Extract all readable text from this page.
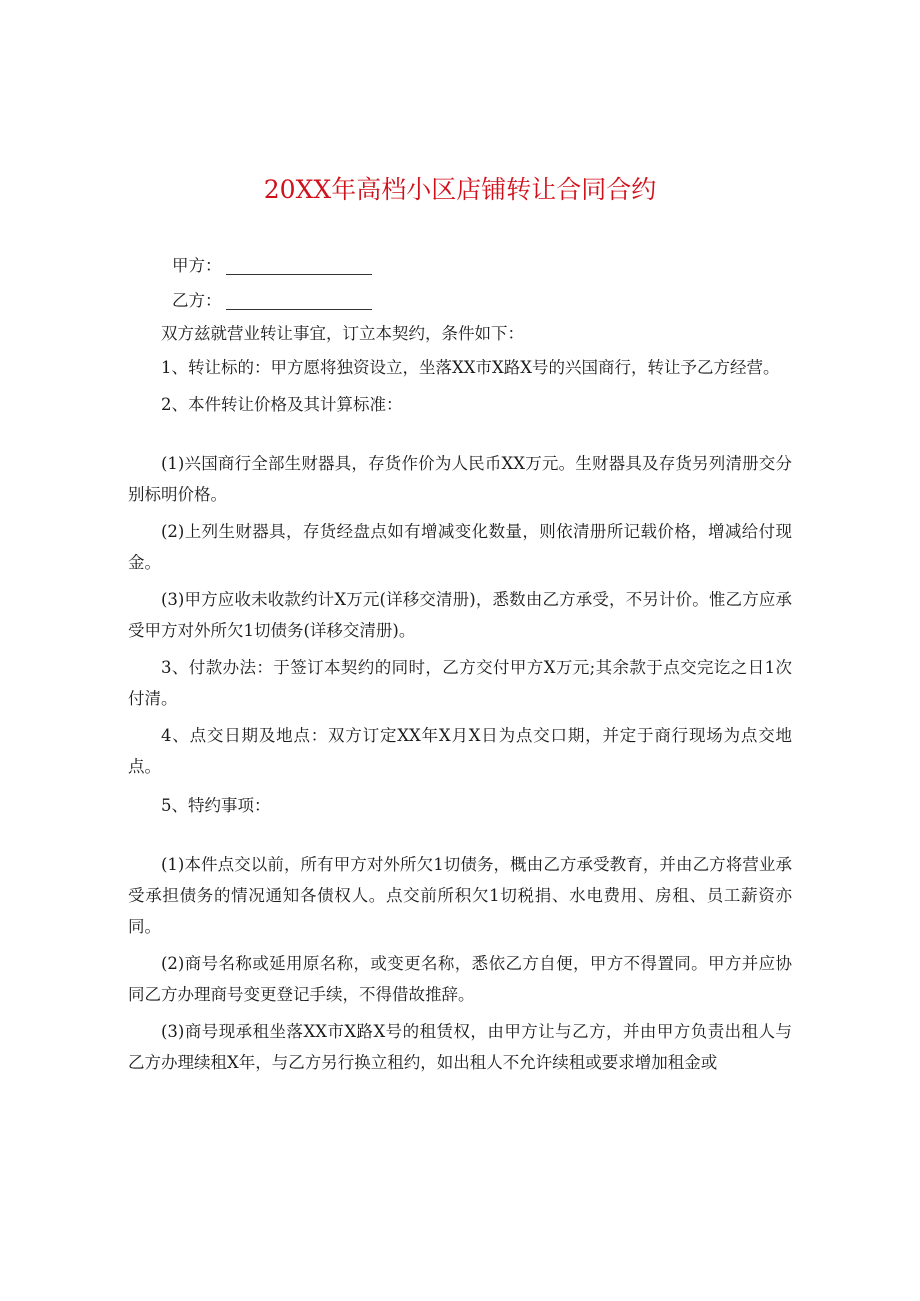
20XX年高档小区店铺转让合同合约
甲方：
乙方：

双方兹就营业转让事宜，订立本契约，条件如下：

1、转让标的：甲方愿将独资设立，坐落XX市X路X号的兴国商行，转让予乙方经营。

2、本件转让价格及其计算标准：

(1)兴国商行全部生财器具，存货作价为人民币XX万元。生财器具及存货另列清册交分别标明价格。

(2)上列生财器具，存货经盘点如有增减变化数量，则依清册所记载价格，增减给付现金。

(3)甲方应收未收款约计X万元(详移交清册)，悉数由乙方承受，不另计价。惟乙方应承受甲方对外所欠1切债务(详移交清册)。

3、付款办法：于签订本契约的同时，乙方交付甲方X万元;其余款于点交完讫之日1次付清。

4、点交日期及地点：双方订定XX年X月X日为点交口期，并定于商行现场为点交地点。

5、特约事项：

(1)本件点交以前，所有甲方对外所欠1切债务，概由乙方承受教育，并由乙方将营业承受承担债务的情况通知各债权人。点交前所积欠1切税捐、水电费用、房租、员工薪资亦同。

(2)商号名称或延用原名称，或变更名称，悉依乙方自便，甲方不得置同。甲方并应协同乙方办理商号变更登记手续，不得借故推辞。

(3)商号现承租坐落XX市X路X号的租赁权，由甲方让与乙方，并由甲方负责出租人与乙方办理续租X年，与乙方另行换立租约，如出租人不允许续租或要求增加租金或
